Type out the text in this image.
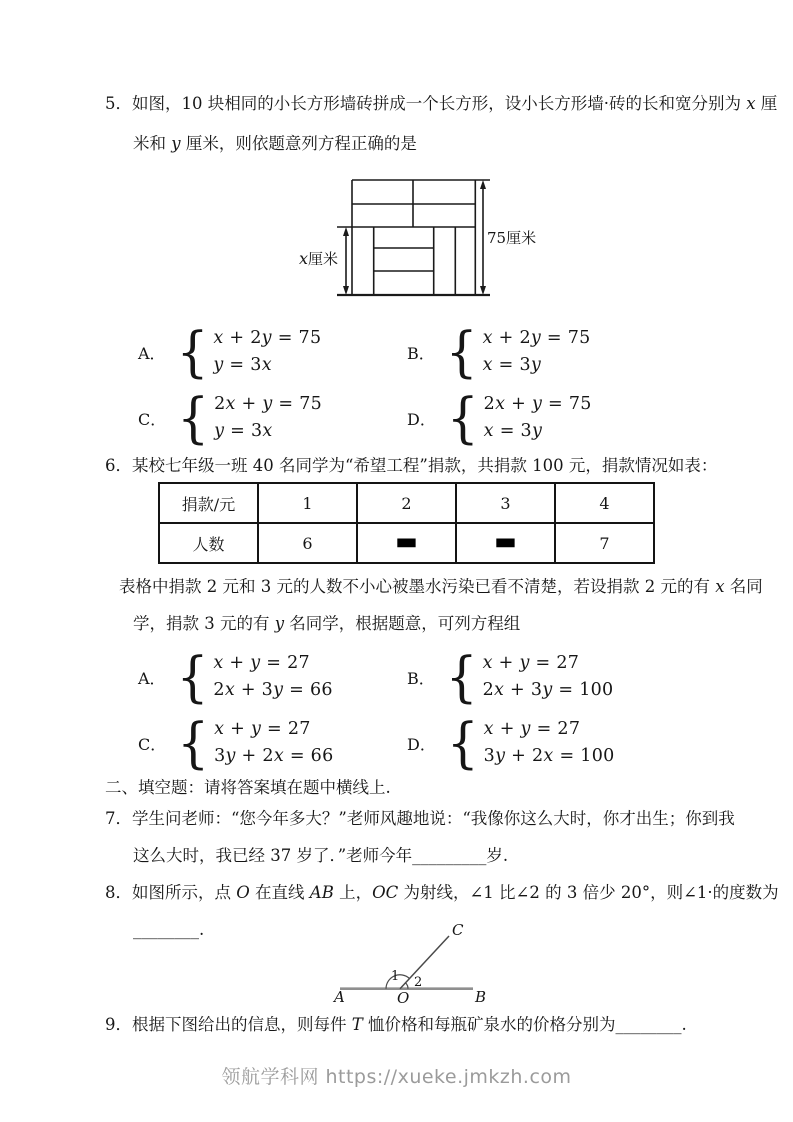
5．如图，10 块相同的小长方形墙砖拼成一个长方形，设小长方形墙·砖的长和宽分别为 x 厘
米和 y 厘米，则依题意列方程正确的是
x 厘米
75厘米
A． { x + 2y = 75
y = 3x
B． { x + 2y = 75
x = 3y
C． { 2x + y = 75
y = 3x
D． { 2x + y = 75
x = 3y
6．某校七年级一班 40 名同学为“希望工程”捐款，共捐款 100 元，捐款情况如表：
捐款/元	1	2	3	4
人数	6	▬	▬	7
表格中捐款 2 元和 3 元的人数不小心被墨水污染已看不清楚，若设捐款 2 元的有 x 名同
学，捐款 3 元的有 y 名同学，根据题意，可列方程组
A． { x + y = 27
2x + 3y = 66
B． { x + y = 27
2x + 3y = 100
C． { x + y = 27
3y + 2x = 66
D． { x + y = 27
3y + 2x = 100
二、填空题：请将答案填在题中横线上.
7．学生问老师：“您今年多大？”老师风趣地说：“我像你这么大时，你才出生；你到我
这么大时，我已经 37 岁了．”老师今年_________岁.
8．如图所示，点 O 在直线 AB 上，OC 为射线，∠1 比∠2 的 3 倍少 20°，则∠1·的度数为
________.
A	O	B
C
1 2
9．根据下图给出的信息，则每件 T 恤价格和每瓶矿泉水的价格分别为________.
领航学科网 https://xueke.jmkzh.com
